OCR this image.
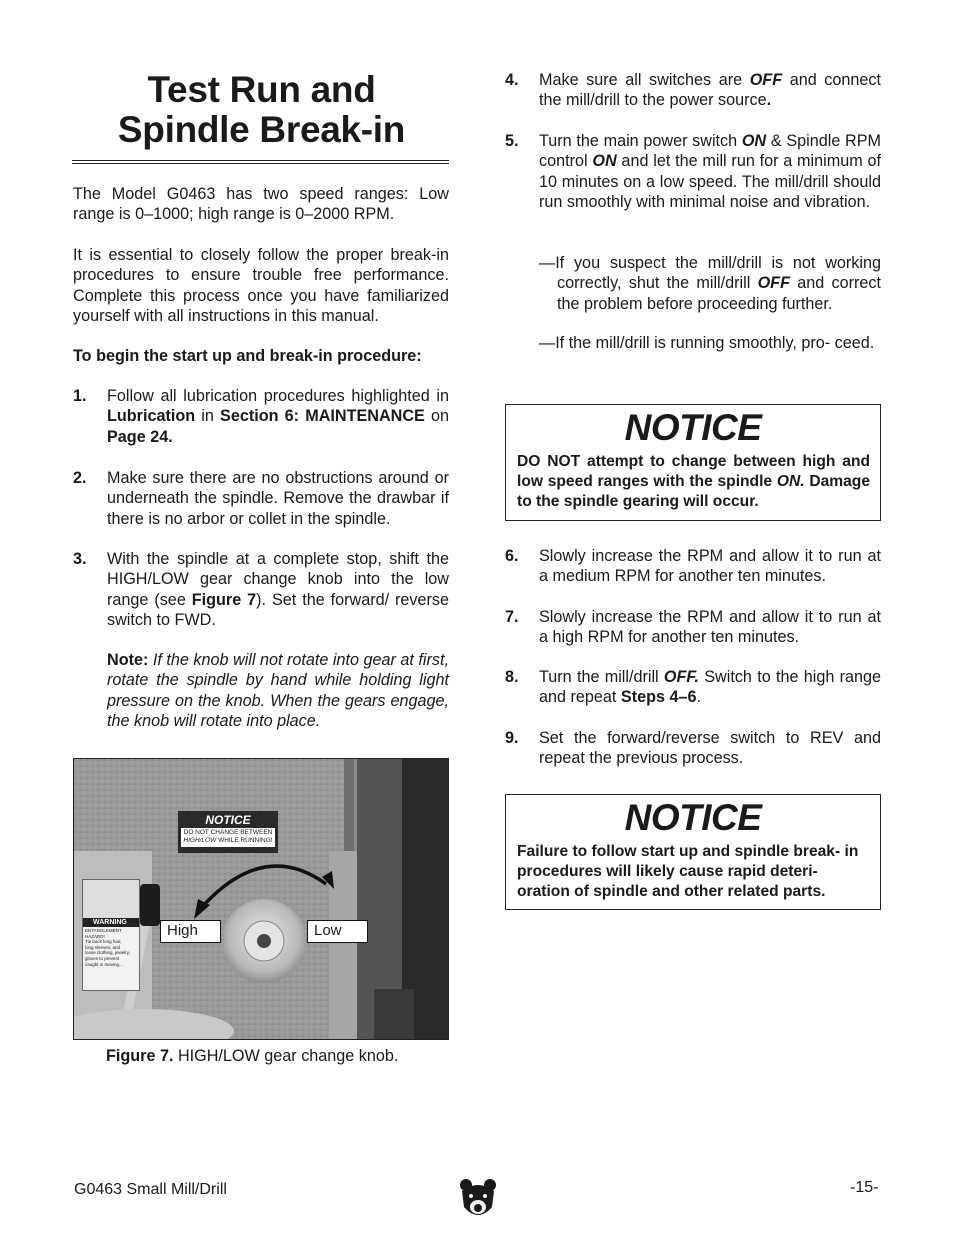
Test Run and
Spindle Break-in
The Model G0463 has two speed ranges: Low range is 0–1000; high range is 0–2000 RPM.
It is essential to closely follow the proper break-in procedures to ensure trouble free performance. Complete this process once you have familiarized yourself with all instructions in this manual.
To begin the start up and break-in procedure:
1. Follow all lubrication procedures highlighted in Lubrication in Section 6: MAINTENANCE on Page 24.
2. Make sure there are no obstructions around or underneath the spindle. Remove the drawbar if there is no arbor or collet in the spindle.
3. With the spindle at a complete stop, shift the HIGH/LOW gear change knob into the low range (see Figure 7). Set the forward/ reverse switch to FWD.
Note: If the knob will not rotate into gear at first, rotate the spindle by hand while holding light pressure on the knob. When the gears engage, the knob will rotate into place.
NOTICE
DO NOT CHANGE BETWEEN
HIGH/LOW WHILE RUNNING!
WARNING
ENTANGLEMENT
HAZARD!
Tie back long hair,
long sleeves, and
loose clothing, jewelry,
gloves to prevent
caught in moving...
High	Low
Figure 7. HIGH/LOW gear change knob.
4. Make sure all switches are OFF and connect the mill/drill to the power source.
5. Turn the main power switch ON & Spindle RPM control ON and let the mill run for a minimum of 10 minutes on a low speed. The mill/drill should run smoothly with minimal noise and vibration.
—If you suspect the mill/drill is not working correctly, shut the mill/drill OFF and correct the problem before proceeding further.
—If the mill/drill is running smoothly, pro- ceed.
NOTICE
DO NOT attempt to change between high and low speed ranges with the spindle ON. Damage to the spindle gearing will occur.
6. Slowly increase the RPM and allow it to run at a medium RPM for another ten minutes.
7. Slowly increase the RPM and allow it to run at a high RPM for another ten minutes.
8. Turn the mill/drill OFF. Switch to the high range and repeat Steps 4–6.
9. Set the forward/reverse switch to REV and repeat the previous process.
NOTICE
Failure to follow start up and spindle break- in procedures will likely cause rapid deteri- oration of spindle and other related parts.
G0463 Small Mill/Drill	-15-
